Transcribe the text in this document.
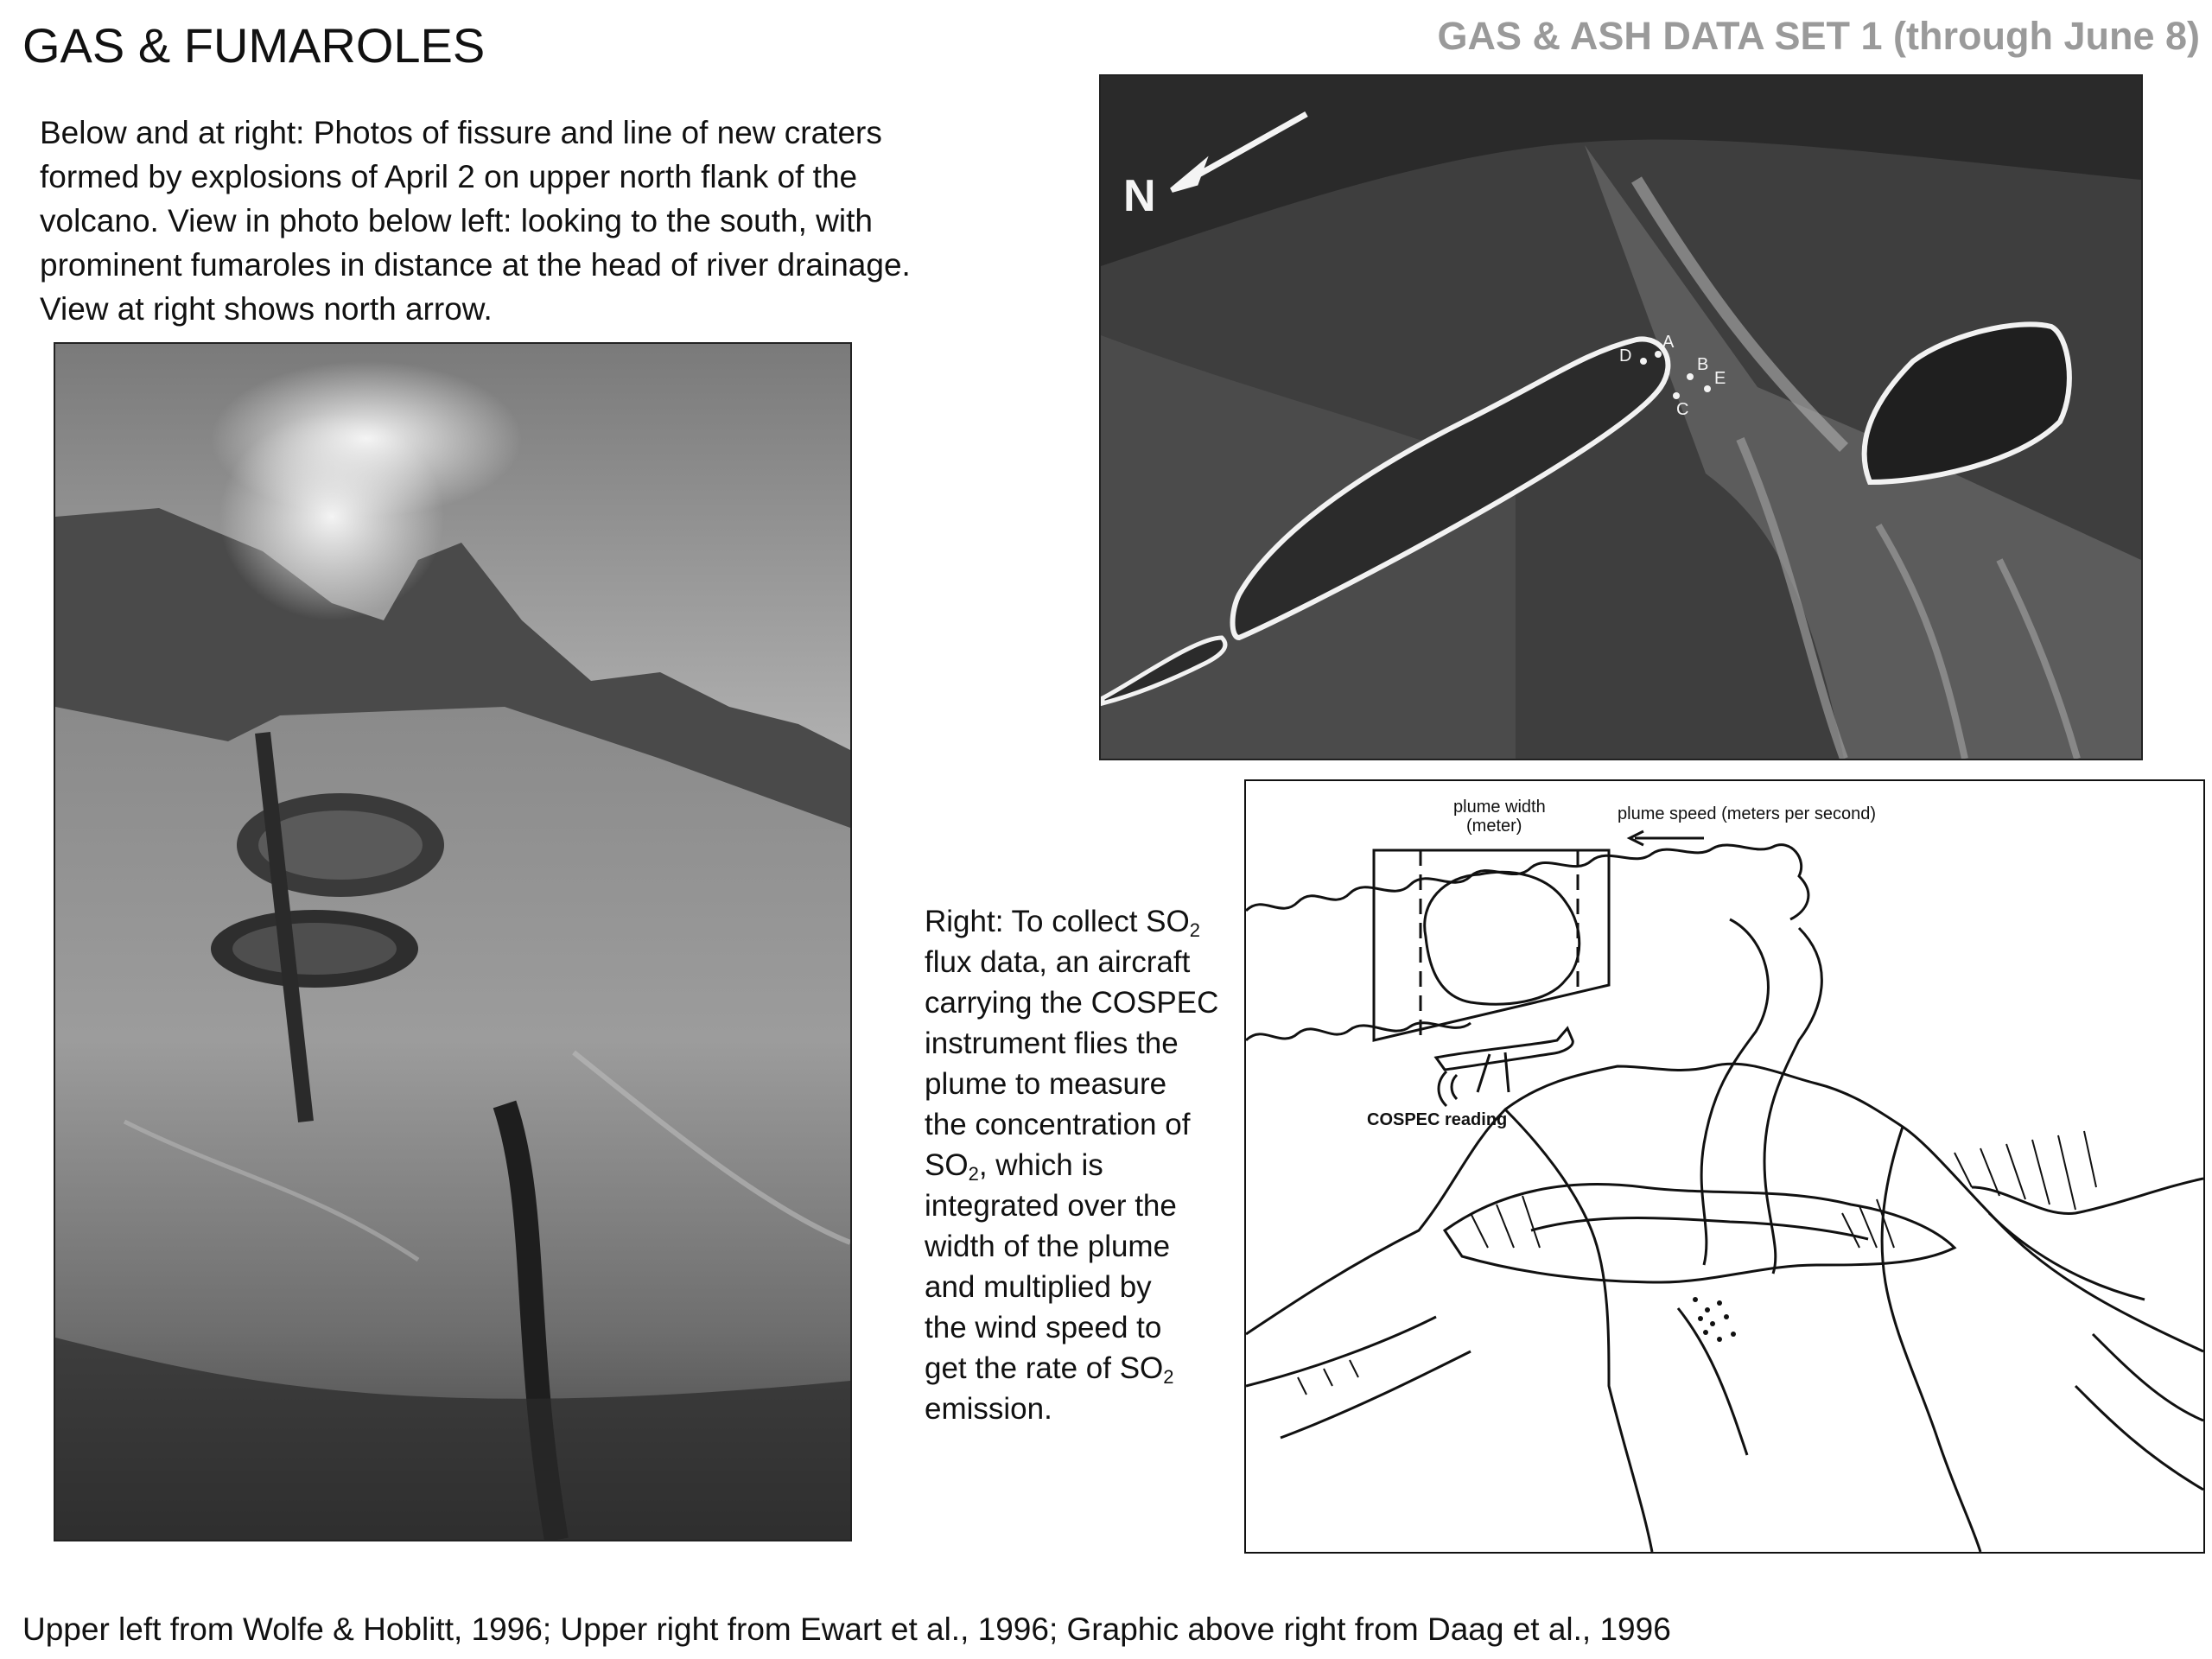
GAS & FUMAROLES	GAS & ASH DATA SET 1 (through June 8)
Below and at right: Photos of fissure and line of new craters
formed by explosions of April 2 on upper north flank of the
volcano. View in photo below left: looking to the south, with
prominent fumaroles in distance at the head of river drainage.
View at right shows north arrow.
N
D
A
B
C
E
Right: To collect $SO_2$
flux data, an aircraft
carrying the COSPEC
instrument flies the
plume to measure
the concentration of
$SO_2$, which is
integrated over the
width of the plume
and multiplied by
the wind speed to
get the rate of $SO_2$
emission.
plume width
(meter)
plume speed (meters per second)
COSPEC reading
Upper left from Wolfe & Hoblitt, 1996; Upper right from Ewart et al., 1996; Graphic above right from Daag et al., 1996
